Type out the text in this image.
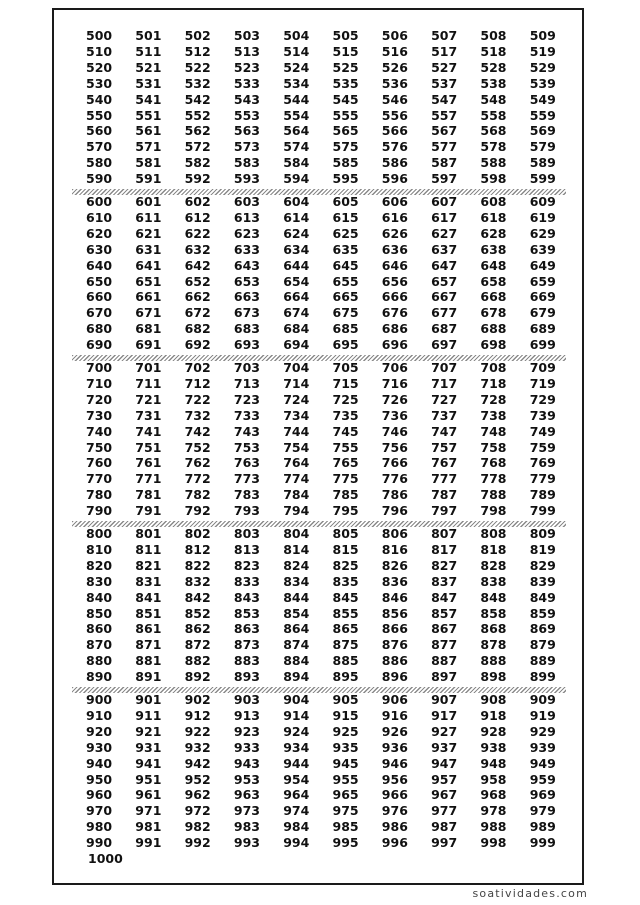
1000
500 501 502 503 504 505 506 507 508 509
510 511 512 513 514 515 516 517 518 519
520 521 522 523 524 525 526 527 528 529
530 531 532 533 534 535 536 537 538 539
540 541 542 543 544 545 546 547 548 549
550 551 552 553 554 555 556 557 558 559
560 561 562 563 564 565 566 567 568 569
570 571 572 573 574 575 576 577 578 579
580 581 582 583 584 585 586 587 588 589
590 591 592 593 594 595 596 597 598 599
600 601 602 603 604 605 606 607 608 609
610 611 612 613 614 615 616 617 618 619
620 621 622 623 624 625 626 627 628 629
630 631 632 633 634 635 636 637 638 639
640 641 642 643 644 645 646 647 648 649
650 651 652 653 654 655 656 657 658 659
660 661 662 663 664 665 666 667 668 669
670 671 672 673 674 675 676 677 678 679
680 681 682 683 684 685 686 687 688 689
690 691 692 693 694 695 696 697 698 699
700 701 702 703 704 705 706 707 708 709
710 711 712 713 714 715 716 717 718 719
720 721 722 723 724 725 726 727 728 729
730 731 732 733 734 735 736 737 738 739
740 741 742 743 744 745 746 747 748 749
750 751 752 753 754 755 756 757 758 759
760 761 762 763 764 765 766 767 768 769
770 771 772 773 774 775 776 777 778 779
780 781 782 783 784 785 786 787 788 789
790 791 792 793 794 795 796 797 798 799
800 801 802 803 804 805 806 807 808 809
810 811 812 813 814 815 816 817 818 819
820 821 822 823 824 825 826 827 828 829
830 831 832 833 834 835 836 837 838 839
840 841 842 843 844 845 846 847 848 849
850 851 852 853 854 855 856 857 858 859
860 861 862 863 864 865 866 867 868 869
870 871 872 873 874 875 876 877 878 879
880 881 882 883 884 885 886 887 888 889
890 891 892 893 894 895 896 897 898 899
900 901 902 903 904 905 906 907 908 909
910 911 912 913 914 915 916 917 918 919
920 921 922 923 924 925 926 927 928 929
930 931 932 933 934 935 936 937 938 939
940 941 942 943 944 945 946 947 948 949
950 951 952 953 954 955 956 957 958 959
960 961 962 963 964 965 966 967 968 969
970 971 972 973 974 975 976 977 978 979
980 981 982 983 984 985 986 987 988 989
990 991 992 993 994 995 996 997 998 999
soatividades.com
